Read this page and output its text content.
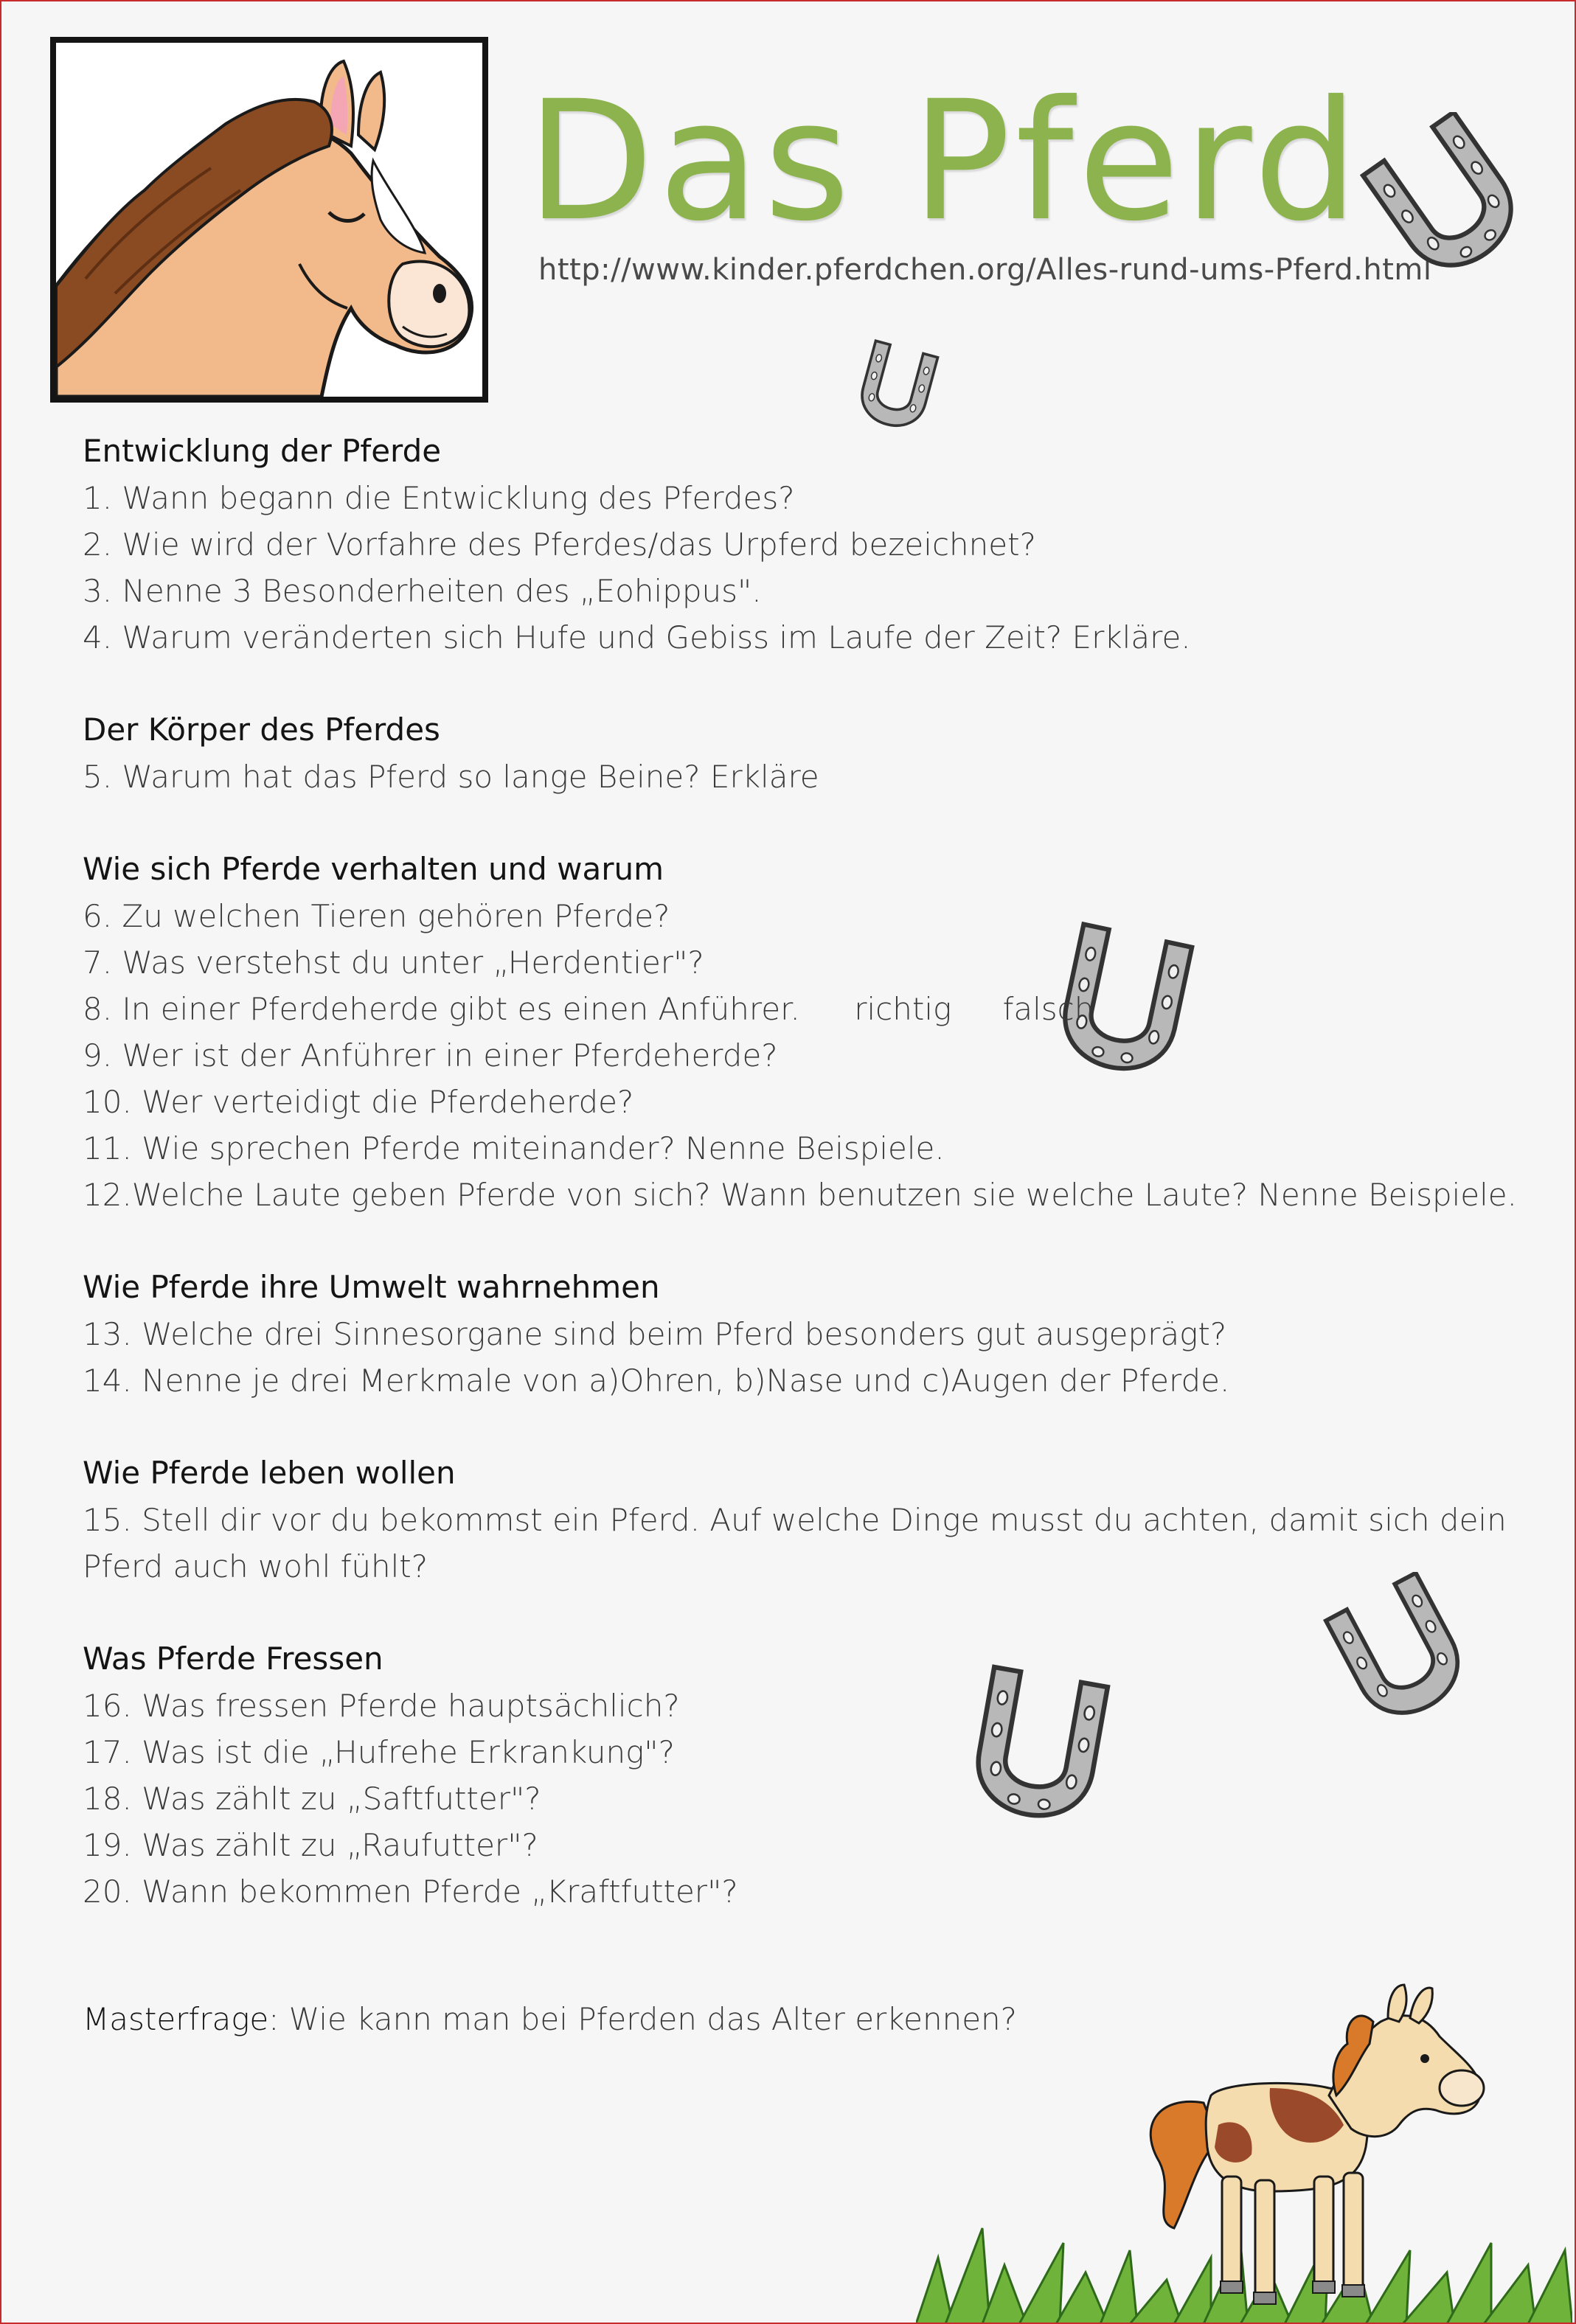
Das Pferd
http://www.kinder.pferdchen.org/Alles-rund-ums-Pferd.html

Entwicklung der Pferde

1. Wann begann die Entwicklung des Pferdes?

2. Wie wird der Vorfahre des Pferdes/das Urpferd bezeichnet?

3. Nenne 3 Besonderheiten des „Eohippus".

4. Warum veränderten sich Hufe und Gebiss im Laufe der Zeit? Erkläre.

Der Körper des Pferdes

5. Warum hat das Pferd so lange Beine? Erkläre

Wie sich Pferde verhalten und warum

6. Zu welchen Tieren gehören Pferde?

7. Was verstehst du unter „Herdentier"?

8. In einer Pferdeherde gibt es einen Anführer. richtig falsch

9. Wer ist der Anführer in einer Pferdeherde?

10. Wer verteidigt die Pferdeherde?

11. Wie sprechen Pferde miteinander? Nenne Beispiele.

12.Welche Laute geben Pferde von sich? Wann benutzen sie welche Laute? Nenne Beispiele.

Wie Pferde ihre Umwelt wahrnehmen

13. Welche drei Sinnesorgane sind beim Pferd besonders gut ausgeprägt?

14. Nenne je drei Merkmale von a)Ohren, b)Nase und c)Augen der Pferde.

Wie Pferde leben wollen

15. Stell dir vor du bekommst ein Pferd. Auf welche Dinge musst du achten, damit sich dein Pferd auch wohl fühlt?

Was Pferde Fressen

16. Was fressen Pferde hauptsächlich?

17. Was ist die „Hufrehe Erkrankung"?

18. Was zählt zu „Saftfutter"?

19. Was zählt zu „Raufutter"?

20. Wann bekommen Pferde „Kraftfutter"?

Masterfrage: Wie kann man bei Pferden das Alter erkennen?
